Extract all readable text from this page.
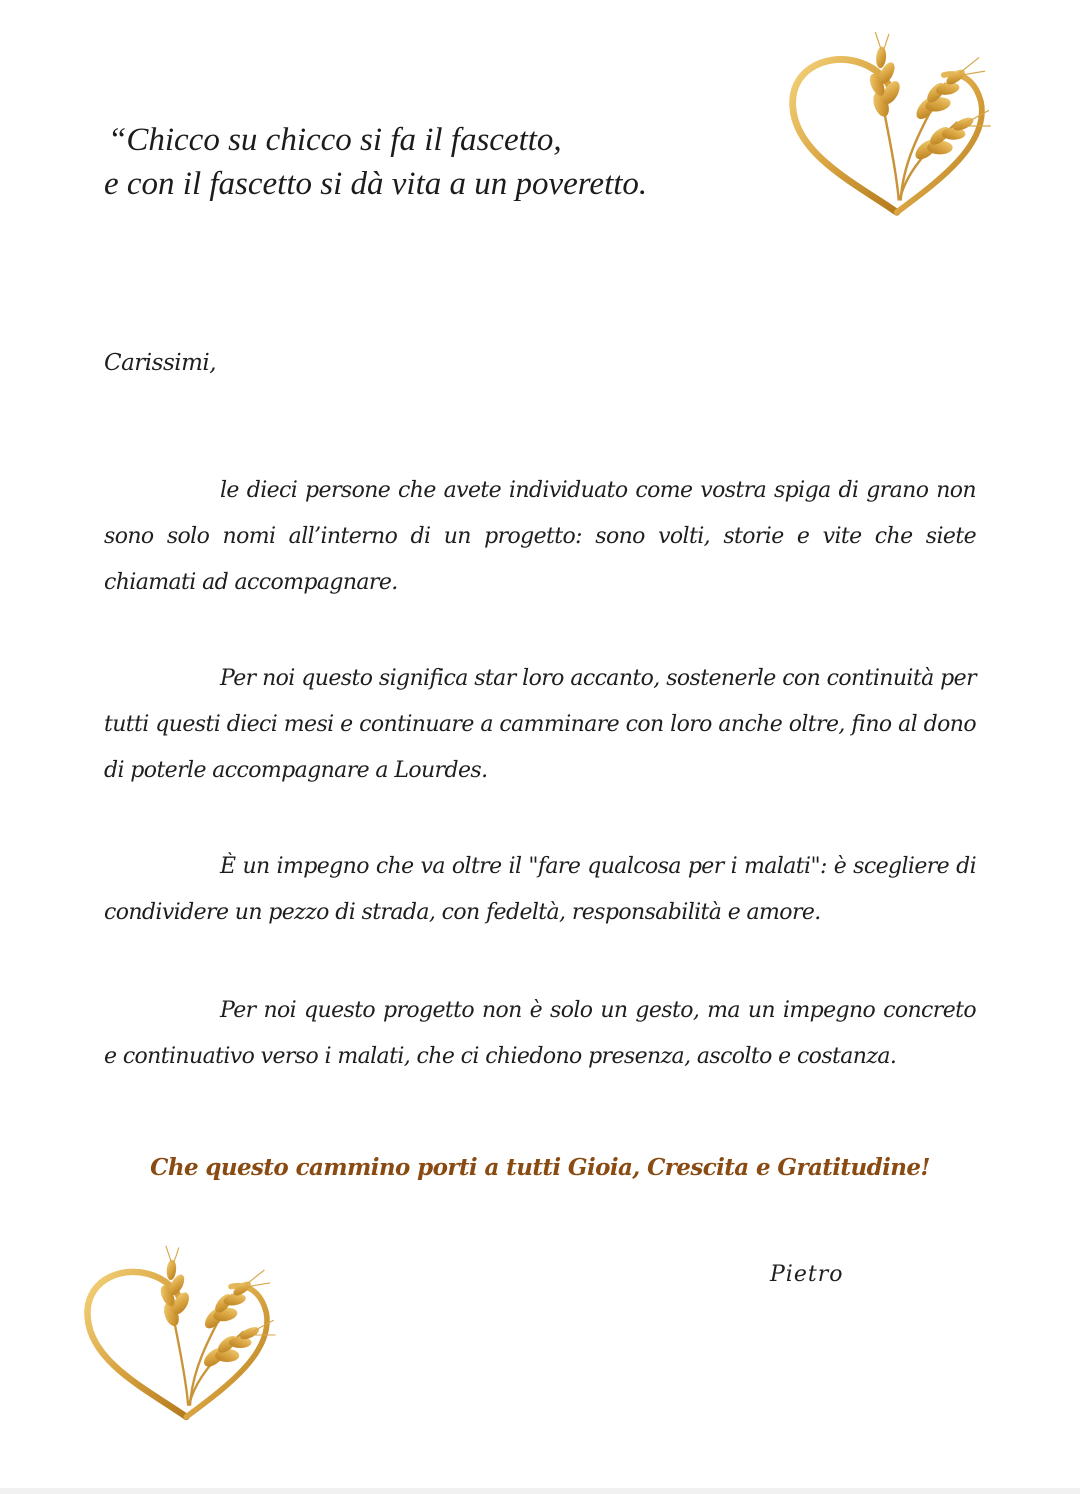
“Chicco su chicco si fa il fascetto,
e con il fascetto si dà vita a un poveretto.
Carissimi,

le dieci persone che avete individuato come vostra spiga di grano non sono solo nomi all’interno di un progetto: sono volti, storie e vite che siete chiamati ad accompagnare.

Per noi questo significa star loro accanto, sostenerle con continuità per tutti questi dieci mesi e continuare a camminare con loro anche oltre, fino al dono di poterle accompagnare a Lourdes.

È un impegno che va oltre il "fare qualcosa per i malati": è scegliere di condividere un pezzo di strada, con fedeltà, responsabilità e amore.

Per noi questo progetto non è solo un gesto, ma un impegno concreto e continuativo verso i malati, che ci chiedono presenza, ascolto e costanza.

Che questo cammino porti a tutti Gioia, Crescita e Gratitudine!
Pietro
